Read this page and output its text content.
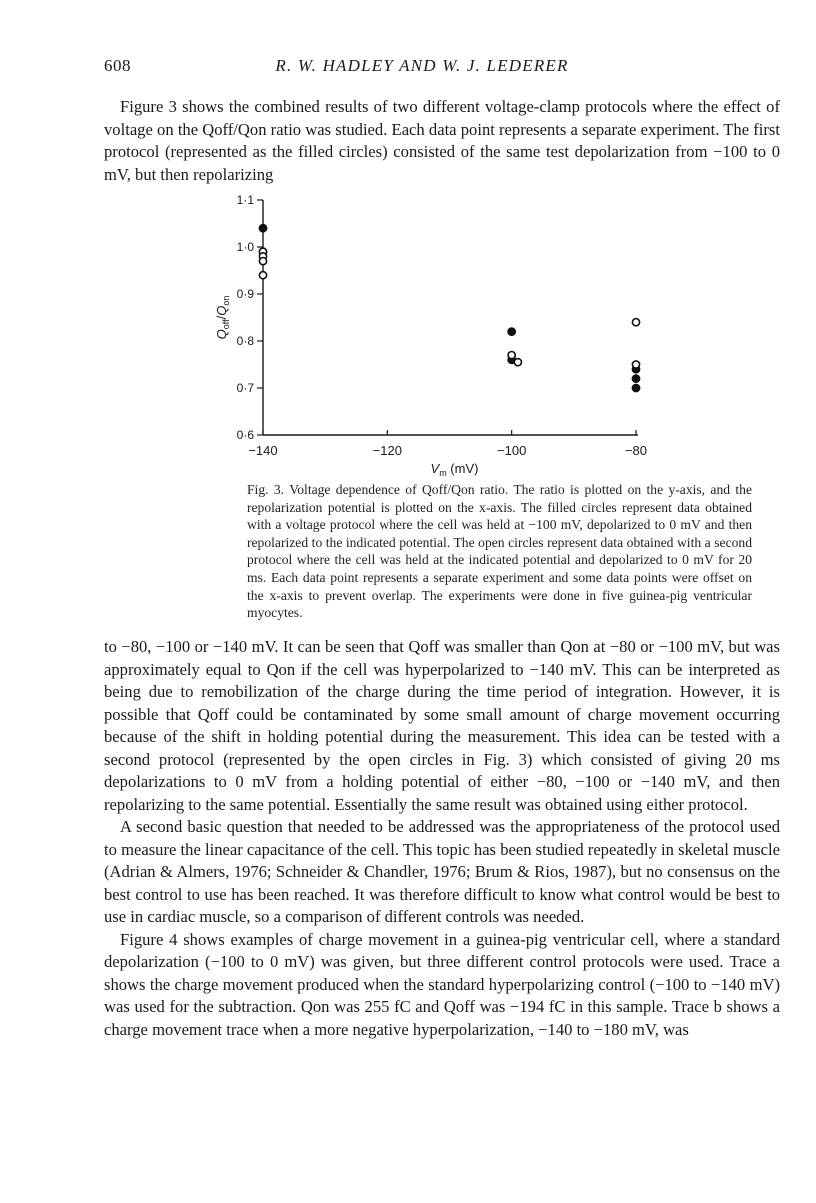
608	R. W. HADLEY AND W. J. LEDERER

Figure 3 shows the combined results of two different voltage-clamp protocols where the effect of voltage on the Qoff/Qon ratio was studied. Each data point represents a separate experiment. The first protocol (represented as the filled circles) consisted of the same test depolarization from −100 to 0 mV, but then repolarizing

−140	−120	−100	−80
0·6
0·7
0·8
0·9
1·0
1·1
$V_m$ (mV)
$Q_{off}/Q_{on}$
Fig. 3. Voltage dependence of Qoff/Qon ratio. The ratio is plotted on the y-axis, and the repolarization potential is plotted on the x-axis. The filled circles represent data obtained with a voltage protocol where the cell was held at −100 mV, depolarized to 0 mV and then repolarized to the indicated potential. The open circles represent data obtained with a second protocol where the cell was held at the indicated potential and depolarized to 0 mV for 20 ms. Each data point represents a separate experiment and some data points were offset on the x-axis to prevent overlap. The experiments were done in five guinea-pig ventricular myocytes.

to −80, −100 or −140 mV. It can be seen that Qoff was smaller than Qon at −80 or −100 mV, but was approximately equal to Qon if the cell was hyperpolarized to −140 mV. This can be interpreted as being due to remobilization of the charge during the time period of integration. However, it is possible that Qoff could be contaminated by some small amount of charge movement occurring because of the shift in holding potential during the measurement. This idea can be tested with a second protocol (represented by the open circles in Fig. 3) which consisted of giving 20 ms depolarizations to 0 mV from a holding potential of either −80, −100 or −140 mV, and then repolarizing to the same potential. Essentially the same result was obtained using either protocol.

A second basic question that needed to be addressed was the appropriateness of the protocol used to measure the linear capacitance of the cell. This topic has been studied repeatedly in skeletal muscle (Adrian & Almers, 1976; Schneider & Chandler, 1976; Brum & Rios, 1987), but no consensus on the best control to use has been reached. It was therefore difficult to know what control would be best to use in cardiac muscle, so a comparison of different controls was needed.

Figure 4 shows examples of charge movement in a guinea-pig ventricular cell, where a standard depolarization (−100 to 0 mV) was given, but three different control protocols were used. Trace a shows the charge movement produced when the standard hyperpolarizing control (−100 to −140 mV) was used for the subtraction. Qon was 255 fC and Qoff was −194 fC in this sample. Trace b shows a charge movement trace when a more negative hyperpolarization, −140 to −180 mV, was
